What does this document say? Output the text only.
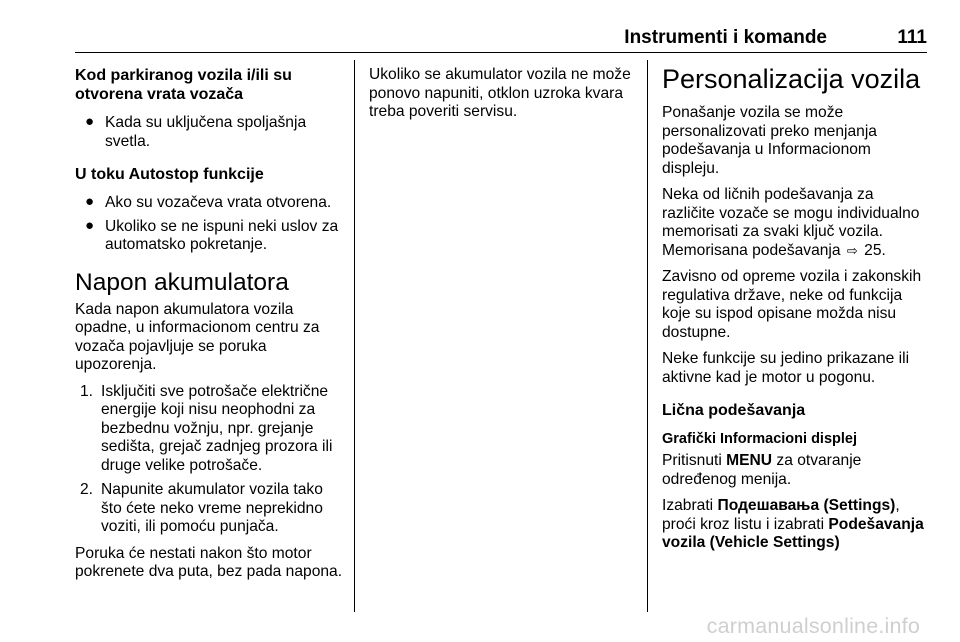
Instrumenti i komande	111
Kod parkiranog vozila i/ili su otvorena vrata vozača
● Kada su uključena spoljašnja svetla.
U toku Autostop funkcije
● Ako su vozačeva vrata otvorena.
● Ukoliko se ne ispuni neki uslov za automatsko pokretanje.
Napon akumulatora

Kada napon akumulatora vozila opadne, u informacionom centru za vozača pojavljuje se poruka upozorenja.

1. Isključiti sve potrošače električne energije koji nisu neophodni za bezbednu vožnju, npr. grejanje sedišta, grejač zadnjeg prozora ili druge velike potrošače.
2. Napunite akumulator vozila tako što ćete neko vreme neprekidno voziti, ili pomoću punjača.

Poruka će nestati nakon što motor pokrenete dva puta, bez pada napona.

Ukoliko se akumulator vozila ne može ponovo napuniti, otklon uzroka kvara treba poveriti servisu.

Personalizacija vozila

Ponašanje vozila se može personalizovati preko menjanja podešavanja u Informacionom displeju.

Neka od ličnih podešavanja za različite vozače se mogu individualno memorisati za svaki ključ vozila. Memorisana podešavanja ⇨ 25.

Zavisno od opreme vozila i zakonskih regulativa države, neke od funkcija koje su ispod opisane možda nisu dostupne.

Neke funkcije su jedino prikazane ili aktivne kad je motor u pogonu.

Lična podešavanja
Grafički Informacioni displej

Pritisnuti MENU za otvaranje određenog menija.

Izabrati Подешавања (Settings), proći kroz listu i izabrati Podešavanja vozila (Vehicle Settings)

carmanualsonline.info
